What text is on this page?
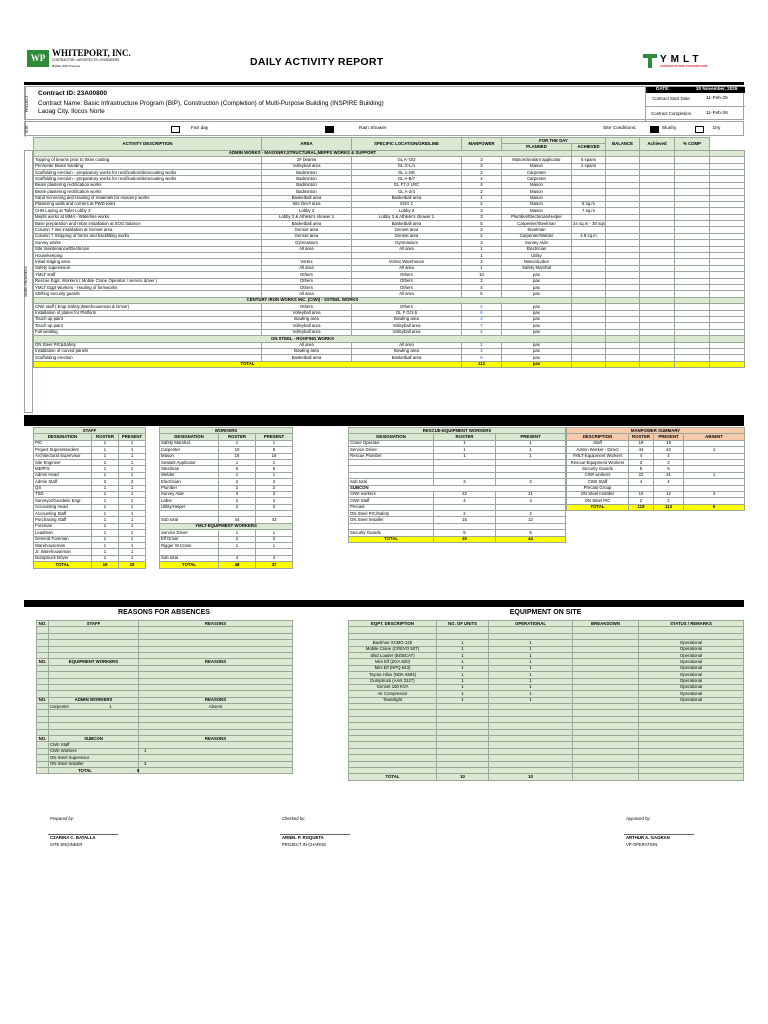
WP
WHITEPORT, INC.
CONTRACTOR • ARCHITECTS • ENGINEERS
Builder With Purpose	DAILY ACTIVITY REPORT	YMLT
CONSTRUCTION CORPORATION
PROJECT
Contract ID: 23A00800
Contract Name: Basic Infrastructure Program (BIP), Construction (Completion) of Multi-Purpose Building (INSPIRE Building)
Laoag City, Ilocos Norte
DATE:	20 November, 2025
Contract Start Date	11-Feb-25
Contract Completion	11-Feb-26
SITE	Fair day	Rain Shower	Site Conditions:	Slushy	Dry
WORK PROGRESS
ACTIVITY DESCRIPTION	AREA	SPECIFIC LOCATION/GRIDLINE	MANPOWER	FOR THE DAY		BALANCE	Achieved	% COMP	
				PLANNED	ACHIEVED				
ADMIN WORKS - MASONRY,STRUCTURAL,MEPFS WORKS & SUPPORT									
Topping of beams prior to Skim coating	2F beams	GL K-O/2	3	Mason/Sealant applicator	5 spans				
Perimeter Beam Sanding	Volleyball area	GL G-L/1	2	Mason	2 spans				
Scaffolding erection - preparatory works for rectification/skimcoating works	Badminton	GL 1-2/E	2	Carpenter					
Scaffolding erection - preparatory works for rectification/skimcoating works	Badminton	GL A-B/7	4	Carpenter					
Beam plastering rectification works	Badminton	GL F7-2 LRC	4	Mason					
Beam plastering rectification works	Badminton	GL A-2/4	2	Mason					
Sand Screening and Hauling of materials for masonry works	Basketball area	Basketball area	1	Mason					
Plastering walls and corners at PWD toilet	Site Dev't area	SOG 1	2	Mason	8 sq.m				
CHB Laying at Toilet Lobby 3	Lobby 3	Lobby 3	3	Mason	7 sq.m				
Mepfs works at MMA - Waterline works	Lobby 3 & Athlete's shower 1	Lobby 3 & Athlete's shower 1	3	Plumber/Electrician/Helper					
Base preparation and rebar installation at SOG balance	Basketball area	Basketball area	5	Carpenter/Steelman	24 sq.m - 30 sqs				
Column 7 ties installation at Genset area	Genset area	Genset area	2	Steelman					
Column 7 Stripping of forms and backfilling works	Genset area	Genset area	2	Carpenter/Welder	4.8 sq.m				
Survey works	Gymnasium	Gymnasium	3	Survey Aide					
Site maintenance/Electrician	All area	All area	1	Electrician					
Housekeeping			1	Utility					
Initial staging area	Vortex	Vortex Warehouse	2	Mason/Labor					
Safety supervision	All area	All area	1	Safety Marshal					
YMLT staff	Others	Others	10	pax					
Rescue Eqpt. Workers ( Mobile Crane Operator / service driver )	Others	Others	2	pax					
YMLT Eqpt Workers - Hauling of formworks	Others	Others	4	pax					
Shifting security guards	All area	All area	5	pax					
CENTURY IRON WORKS INC. (CIWI) - SSTEEL WORKS									
CIWI staff ( Engr.Safety,Warehouseman & Driver)	Others	Others	4	pax					
Installation of plates for Platform	Volleyball area	GL F G/1-5	6	pax					
Touch up paint	Bowling area	Bowling area	4	pax					
Touch up paint	Volleyball area	Volleyball area	7	pax					
Full welding	Volleyball area	Volleyball area	2	pax					
ON STEEL - ROOFING WORKS									
ON Steel PIC&Safety	All area	All area	2	pax					
Installation of curved panels	Bowling area	Bowling area	4	pax					
Scaffolding erection	Basketball area	Basketball area	6	pax					
TOTAL			112	pax					
STAFF		
DESIGNATION	ROSTER	PRESENT
PIC	1	1
Project Superintendent	1	1
Architectural Supervisor	1	1
Site Engineer	1	1
MEPFS	1	1
Admin Head	1	1
Admin Staff	2	2
QS	1	1
TSD	1	1
Surveyor/Geodetic Engr.	1	1
Accounting Head	1	1
Accounting Staff	1	1
Purchasing Staff	1	1
Foreman	1	1
Leadman	1	1
General Foreman	1	1
Warehouseman	1	1
Jr. Warehouseman	1	1
Dumptruck Driver	1	1
TOTAL	19	19
WORKERS		
DESIGNATION	ROSTER	PRESENT
Safety Marshal	1	1
Carpenter	10	9
Mason	16	16
Sealant Applicator	1	1
Steelman	6	6
Welder	1	1
Electrician	2	2
Plumber	2	2
Survey Aide	3	3
Labor	2	2
Utility/Helper	2	2

Sub total	44	43
YMLT-EQUIPMENT WORKERS		
Service Driver	1	1
Elf Driver	2	2
Rigger W.Crane	1	1

Sub total	4	4
TOTAL	48	47
RESCUE-EQUIPMENT WORKERS		
DESIGNATION	ROSTER	PRESENT
Crane Operator	1	1
Service Driver	1	1
Rescue Plumber	1	1

Sub total	3	3
SUBCON		
CIWI workers	22	21
CIWI Staff	4	4
Precast		
ON Steel PIC/Safety	2	2
ON Steel Installer	15	12

Security Guards	5	5
TOTAL	40	44
MANPOWER SUMMARY			
DESCRIPTION	ROSTER	PRESENT	ABSENT
Staff	19	19	
Admin Worker - Direct	44	43	1
YMLT-Equipment Workers	4	4	
Rescue-Equipment Workers	3	3	
Security Guards	5	5	
CIWI workers	22	21	1
CIWI Staff	4	4	
Precast Group			
ON Steel Installer	15	12	3
ON Steel PIC	2	2	
TOTAL	118	113	5
REASONS FOR ABSENCES
NO.	STAFF	REASONS

NO.	EQUIPMENT WORKERS	REASONS

NO.	ADMIN WORKERS	REASONS
	Carpenter 1	Absent

NO.	SUBCON	REASONS
	CIWI Staff

	CIWI Workers 1	

	ON Steel Supervisor

	ON Steel Installer 3	

	TOTAL 5	
EQUIPMENT ON SITE
EQPT. DESCRIPTION	NO. OF UNITS	OPERATIONAL	BREAKDOWN	STATUS / REMARKS

Backhoe XCMG-125	1	1		Operational
Mobile Crane (CREVO 50T)	1	1		Operational
Skid Loader (BOBCAT)	1	1		Operational
Mini Elf (ZGA 820)	1	1		Operational
Mini Elf (NPQ 643)	1	1		Operational
Toyota Hilux (NDK 6594)	1	1		Operational
Dumptruck (AAN 3127)	1	1		Operational
Genset 150 KVA	1	1		Operational
Air Compressor	1	1		Operational
Towerlight	1	1		Operational

TOTAL	10	10		
Prepared by:
CZARINA C. BATALLA
SITE ENGINEER
Checked by:
ARNEL P. ROQUETA
PROJECT IN-CHARGE
Approved by:
ARTHUR A. GAGRAN
VP-OPERATION
